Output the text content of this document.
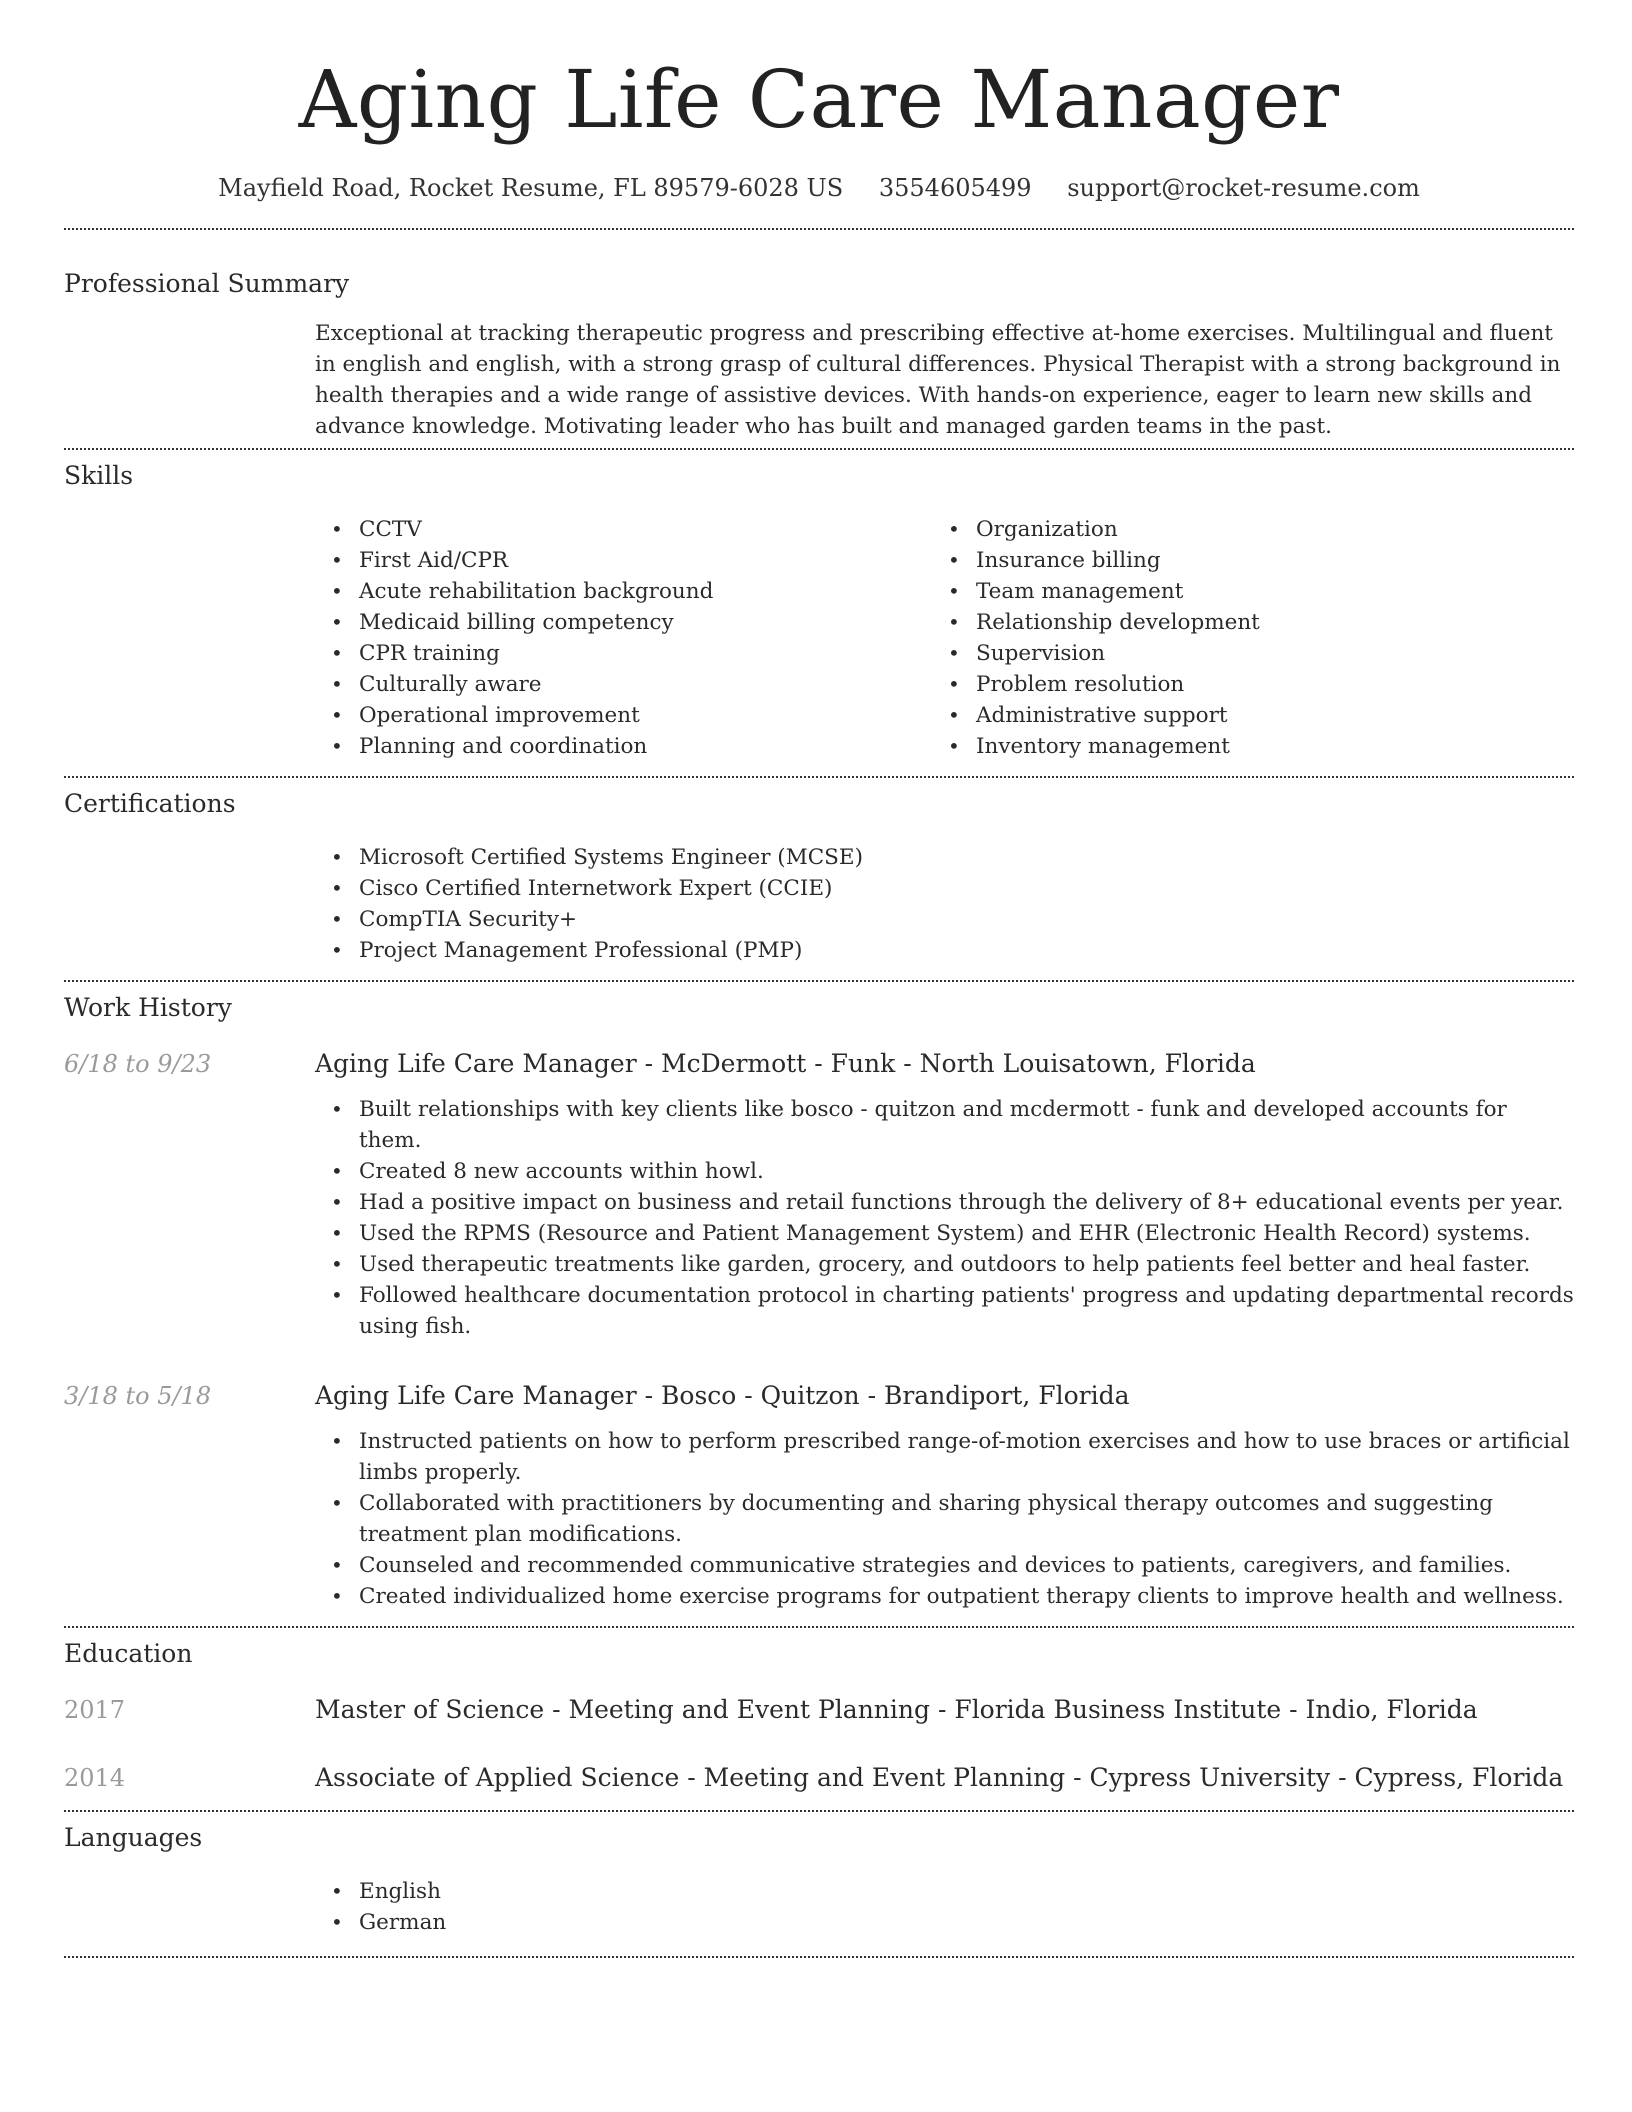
Aging Life Care Manager
Mayfield Road, Rocket Resume, FL 89579-6028 US 3554605499 support@rocket-resume.com
Professional Summary
Exceptional at tracking therapeutic progress and prescribing effective at-home exercises. Multilingual and fluent in english and english, with a strong grasp of cultural differences. Physical Therapist with a strong background in health therapies and a wide range of assistive devices. With hands-on experience, eager to learn new skills and advance knowledge. Motivating leader who has built and managed garden teams in the past.
Skills
• CCTV
• First Aid/CPR
• Acute rehabilitation background
• Medicaid billing competency
• CPR training
• Culturally aware
• Operational improvement
• Planning and coordination
• Organization
• Insurance billing
• Team management
• Relationship development
• Supervision
• Problem resolution
• Administrative support
• Inventory management
Certifications
• Microsoft Certified Systems Engineer (MCSE)
• Cisco Certified Internetwork Expert (CCIE)
• CompTIA Security+
• Project Management Professional (PMP)
Work History
6/18 to 9/23	Aging Life Care Manager - McDermott - Funk - North Louisatown, Florida
• Built relationships with key clients like bosco - quitzon and mcdermott - funk and developed accounts for them.
• Created 8 new accounts within howl.
• Had a positive impact on business and retail functions through the delivery of 8+ educational events per year.
• Used the RPMS (Resource and Patient Management System) and EHR (Electronic Health Record) systems.
• Used therapeutic treatments like garden, grocery, and outdoors to help patients feel better and heal faster.
• Followed healthcare documentation protocol in charting patients' progress and updating departmental records using fish.
3/18 to 5/18	Aging Life Care Manager - Bosco - Quitzon - Brandiport, Florida
• Instructed patients on how to perform prescribed range-of-motion exercises and how to use braces or artificial limbs properly.
• Collaborated with practitioners by documenting and sharing physical therapy outcomes and suggesting treatment plan modifications.
• Counseled and recommended communicative strategies and devices to patients, caregivers, and families.
• Created individualized home exercise programs for outpatient therapy clients to improve health and wellness.
Education
2017	Master of Science - Meeting and Event Planning - Florida Business Institute - Indio, Florida
2014	Associate of Applied Science - Meeting and Event Planning - Cypress University - Cypress, Florida
Languages
• English
• German
